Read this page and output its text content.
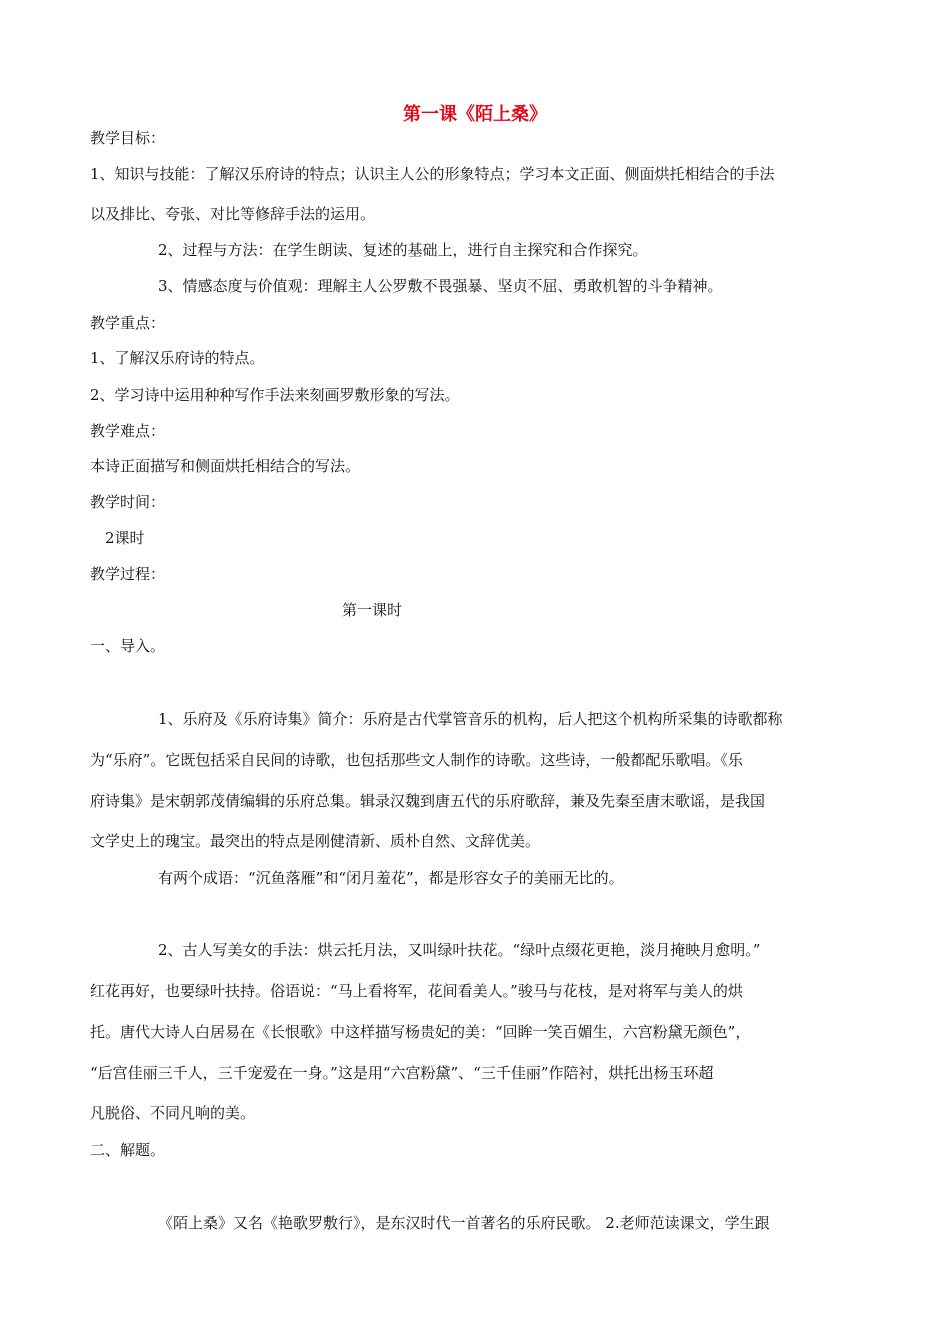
第一课《陌上桑》
教学目标：
1、知识与技能：了解汉乐府诗的特点；认识主人公的形象特点；学习本文正面、侧面烘托相结合的手法
以及排比、夸张、对比等修辞手法的运用。
2、过程与方法：在学生朗读、复述的基础上，进行自主探究和合作探究。
3、情感态度与价值观：理解主人公罗敷不畏强暴、坚贞不屈、勇敢机智的斗争精神。
教学重点：
1、了解汉乐府诗的特点。
2、学习诗中运用种种写作手法来刻画罗敷形象的写法。
教学难点：
本诗正面描写和侧面烘托相结合的写法。
教学时间：
2课时
教学过程：
第一课时
一、导入。
1、乐府及《乐府诗集》简介：乐府是古代掌管音乐的机构，后人把这个机构所采集的诗歌都称
为“乐府”。它既包括采自民间的诗歌，也包括那些文人制作的诗歌。这些诗，一般都配乐歌唱。《乐
府诗集》是宋朝郭茂倩编辑的乐府总集。辑录汉魏到唐五代的乐府歌辞，兼及先秦至唐末歌谣，是我国
文学史上的瑰宝。最突出的特点是刚健清新、质朴自然、文辞优美。
有两个成语：“沉鱼落雁”和“闭月羞花”，都是形容女子的美丽无比的。
2、古人写美女的手法：烘云托月法，又叫绿叶扶花。“绿叶点缀花更艳，淡月掩映月愈明。”
红花再好，也要绿叶扶持。俗语说：“马上看将军，花间看美人。”骏马与花枝，是对将军与美人的烘
托。唐代大诗人白居易在《长恨歌》中这样描写杨贵妃的美：“回眸一笑百媚生，六宫粉黛无颜色”，
“后宫佳丽三千人，三千宠爱在一身。”这是用“六宫粉黛”、“三千佳丽”作陪衬，烘托出杨玉环超
凡脱俗、不同凡响的美。
二、解题。
《陌上桑》又名《艳歌罗敷行》，是东汉时代一首著名的乐府民歌。 2.老师范读课文，学生跟
